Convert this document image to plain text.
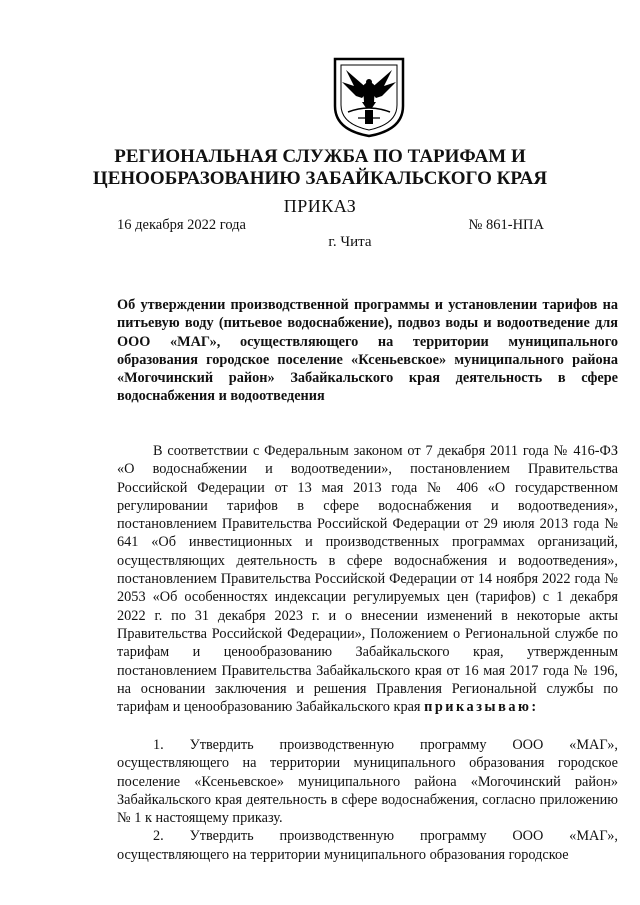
РЕГИОНАЛЬНАЯ СЛУЖБА ПО ТАРИФАМ И
ЦЕНООБРАЗОВАНИЮ ЗАБАЙКАЛЬСКОГО КРАЯ
ПРИКАЗ
16 декабря 2022 года	№ 861-НПА
г. Чита
Об утверждении производственной программы и установлении тарифов на питьевую воду (питьевое водоснабжение), подвоз воды и водоотведение для ООО «МАГ», осуществляющего на территории муниципального образования городское поселение «Ксеньевское» муниципального района «Могочинский район» Забайкальского края деятельность в сфере водоснабжения и водоотведения

В соответствии с Федеральным законом от 7 декабря 2011 года № 416-ФЗ «О водоснабжении и водоотведении», постановлением Правительства Российской Федерации от 13 мая 2013 года № 406 «О государственном регулировании тарифов в сфере водоснабжения и водоотведения», постановлением Правительства Российской Федерации от 29 июля 2013 года № 641 «Об инвестиционных и производственных программах организаций, осуществляющих деятельность в сфере водоснабжения и водоотведения», постановлением Правительства Российской Федерации от 14 ноября 2022 года № 2053 «Об особенностях индексации регулируемых цен (тарифов) с 1 декабря 2022 г. по 31 декабря 2023 г. и о внесении изменений в некоторые акты Правительства Российской Федерации», Положением о Региональной службе по тарифам и ценообразованию Забайкальского края, утвержденным постановлением Правительства Забайкальского края от 16 мая 2017 года № 196, на основании заключения и решения Правления Региональной службы по тарифам и ценообразованию Забайкальского края приказываю:

1. Утвердить производственную программу ООО «МАГ», осуществляющего на территории муниципального образования городское поселение «Ксеньевское» муниципального района «Могочинский район» Забайкальского края деятельность в сфере водоснабжения, согласно приложению № 1 к настоящему приказу.

2. Утвердить производственную программу ООО «МАГ», осуществляющего на территории муниципального образования городское
